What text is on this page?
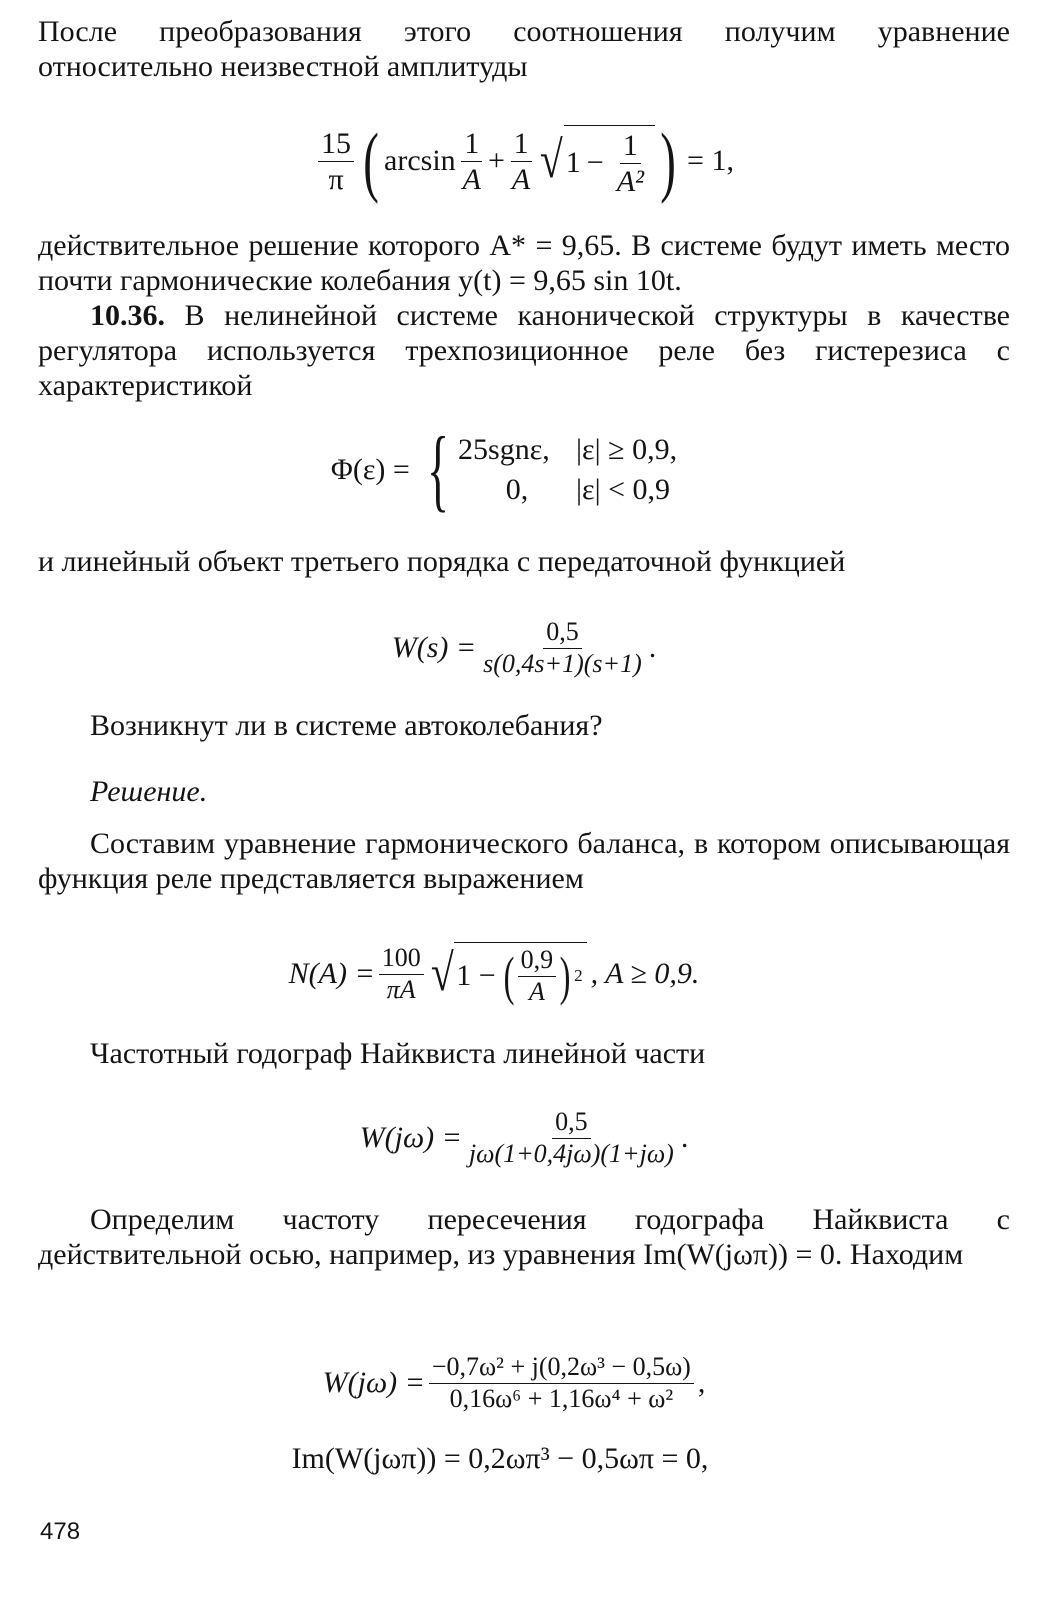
После преобразования этого соотношения получим уравнение относительно неизвестной амплитуды
$\frac{15}{\pi}$ ( $\arcsin \frac{1}{A} + \frac{1}{A}$ √ $1 - \frac{1}{\text{A²}}$ ) = 1,
действительное решение которого A* = 9,65. В системе будут иметь место почти гармонические колебания y(t) = 9,65 sin 10t.
10.36. В нелинейной системе канонической структуры в качестве регулятора используется трехпозиционное реле без гистерезиса с характеристикой
Φ(ε) = { 25sgnε, |ε| ≥ 0,9,
0, |ε| < 0,9
и линейный объект третьего порядка с передаточной функцией
$W(s) = \frac{0,5}{s(0,4s+1)(s+1)}$ .
Возникнут ли в системе автоколебания?
Решение.
Составим уравнение гармонического баланса, в котором описывающая функция реле представляется выражением
$N(A) = \frac{100}{\pi A}$ √ 1 − ( $\frac{0,9}{A}$ ) 2 , A ≥ 0,9.
Частотный годограф Найквиста линейной части
$W(j\omega) = \frac{0,5}{j\omega(1+0,4j\omega)(1+j\omega)}$ .
Определим частоту пересечения годографа Найквиста с действительной осью, например, из уравнения Im(W(jωπ)) = 0. Находим
$W(j\omega) = \frac{\text{−0,7ω² + j(0,2ω³ − 0,5ω)}}{\text{0,16ω⁶ + 1,16ω⁴ + ω²}}$ ,
Im(W(jωπ)) = 0,2ωπ³ − 0,5ωπ = 0,
478
